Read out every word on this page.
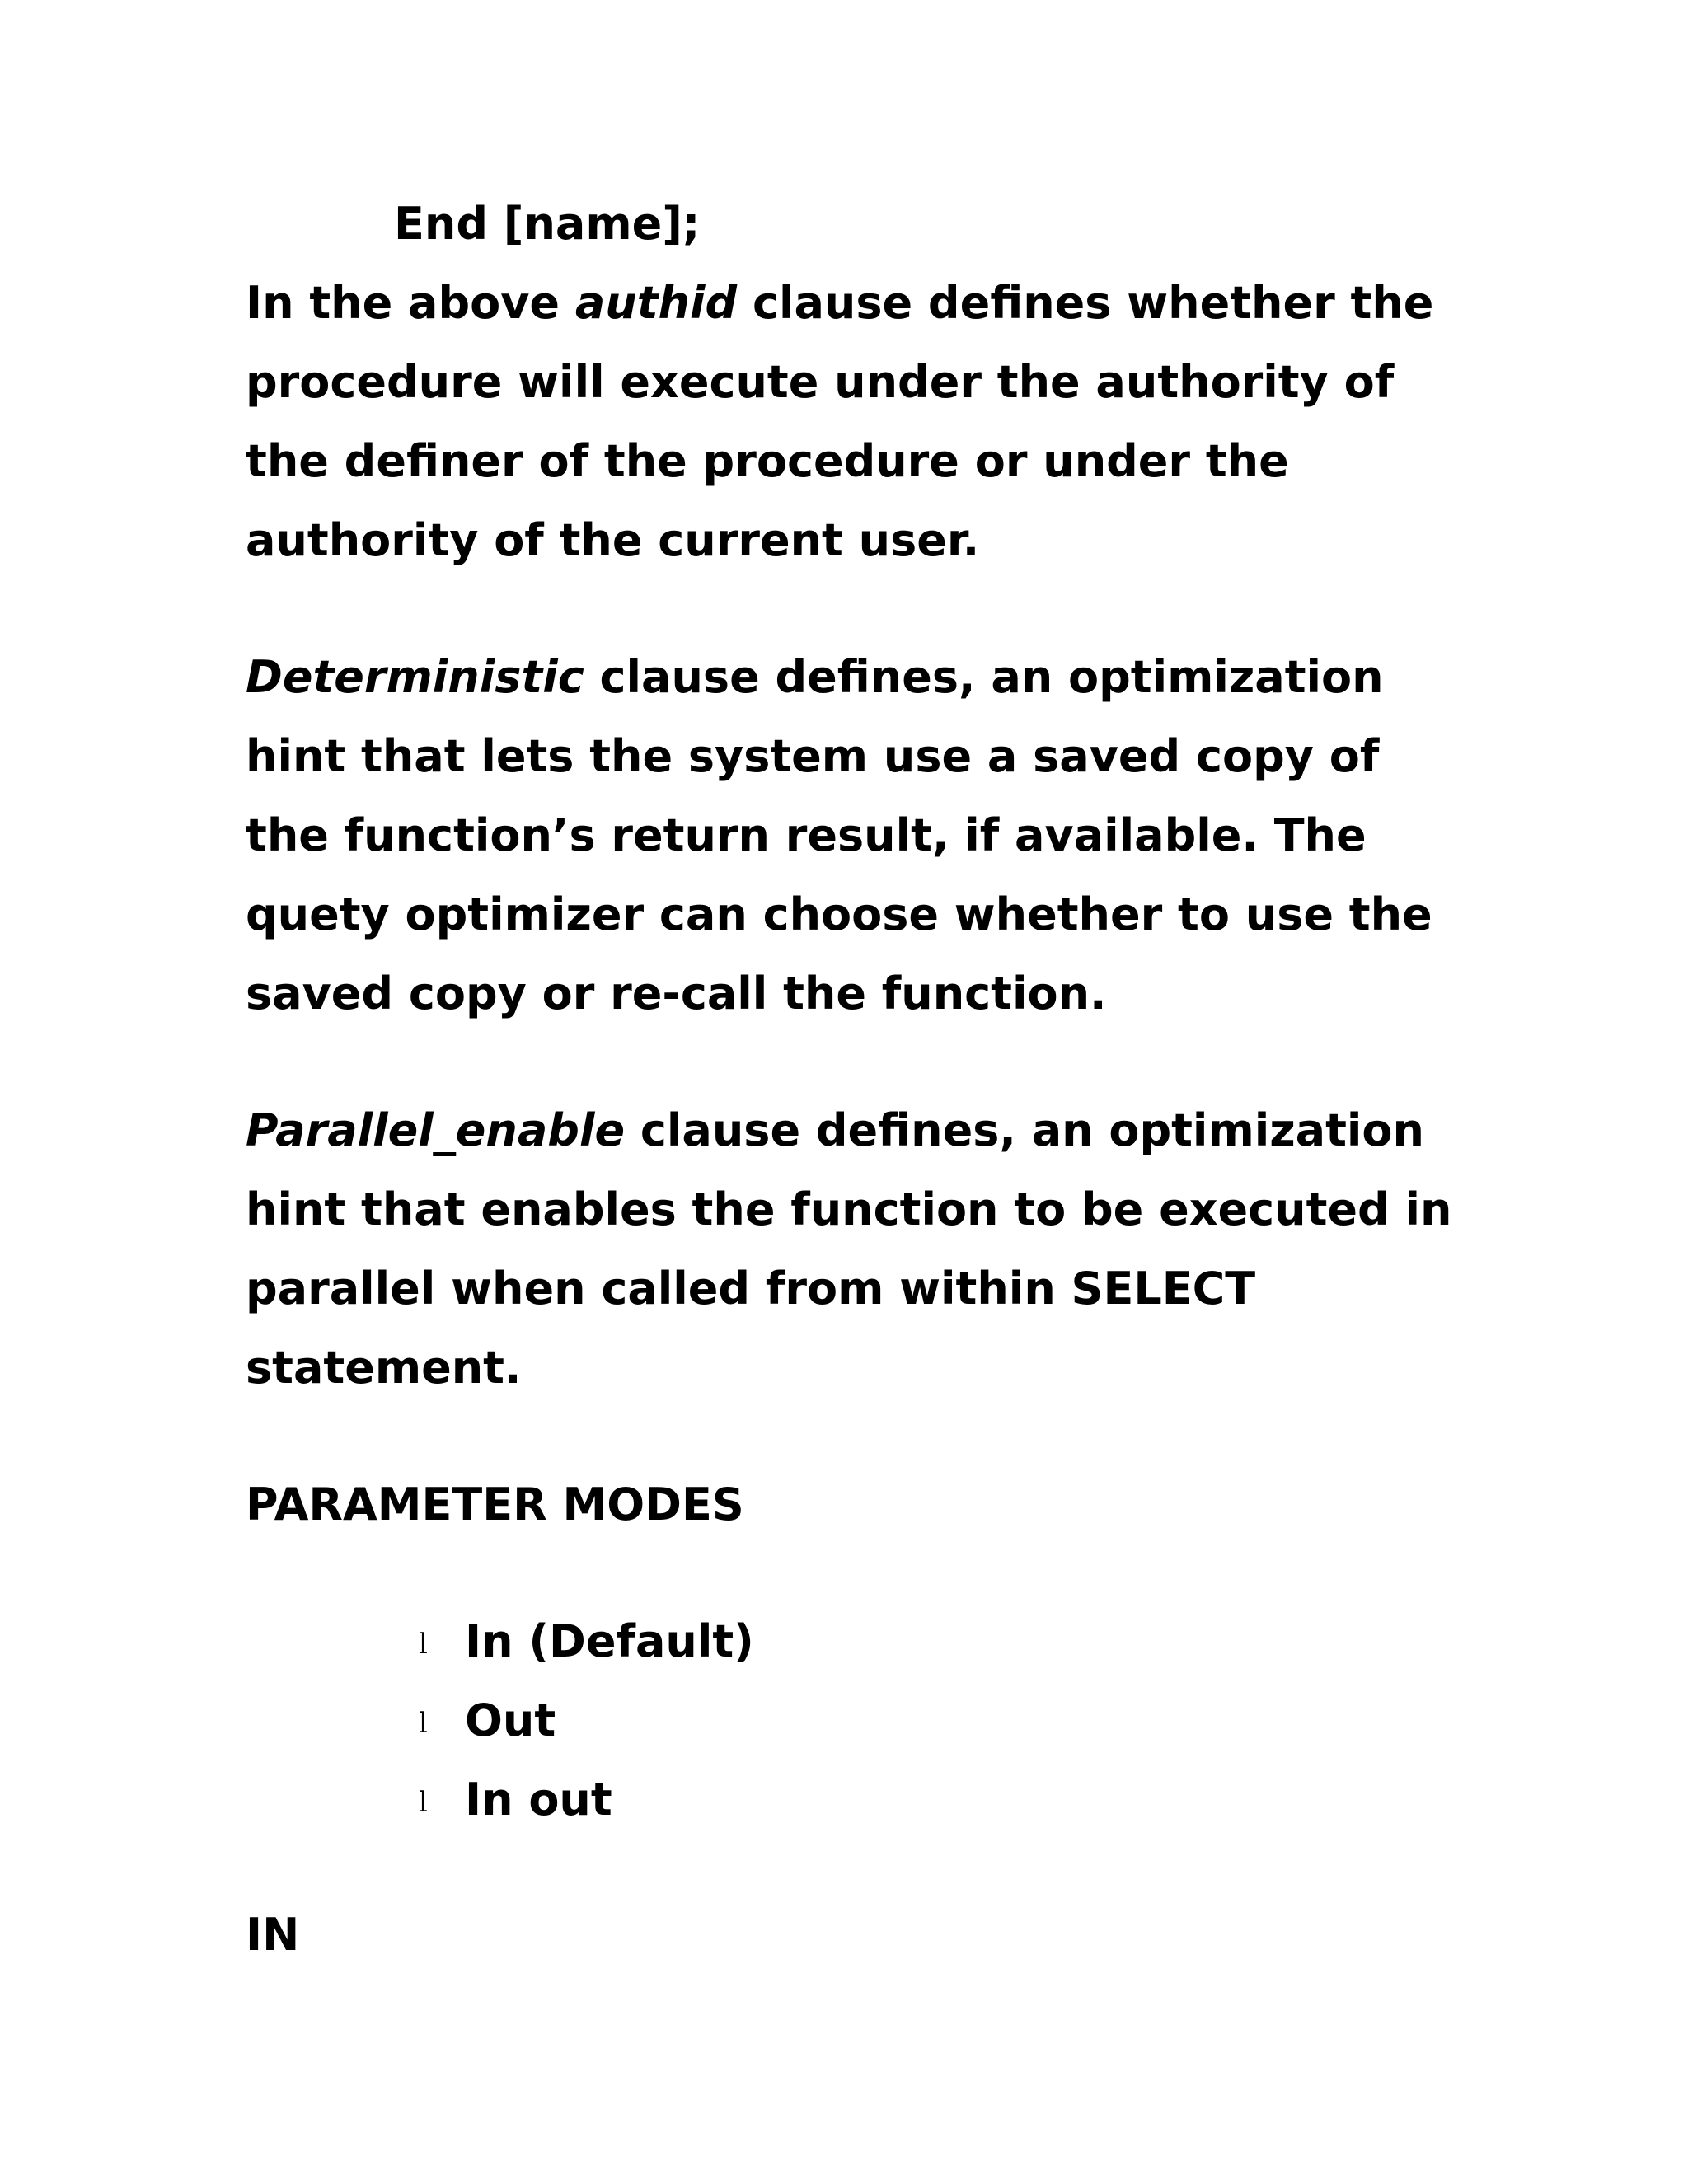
End [name];
In the above authid clause defines whether the
procedure will execute under the authority of
the definer of the procedure or under the
authority of the current user.
Deterministic clause defines, an optimization
hint that lets the system use a saved copy of
the function’s return result, if available. The
quety optimizer can choose whether to use the
saved copy or re-call the function.
Parallel_enable clause defines, an optimization
hint that enables the function to be executed in
parallel when called from within SELECT
statement.
PARAMETER MODES
l In (Default)
l Out
l In out
IN
